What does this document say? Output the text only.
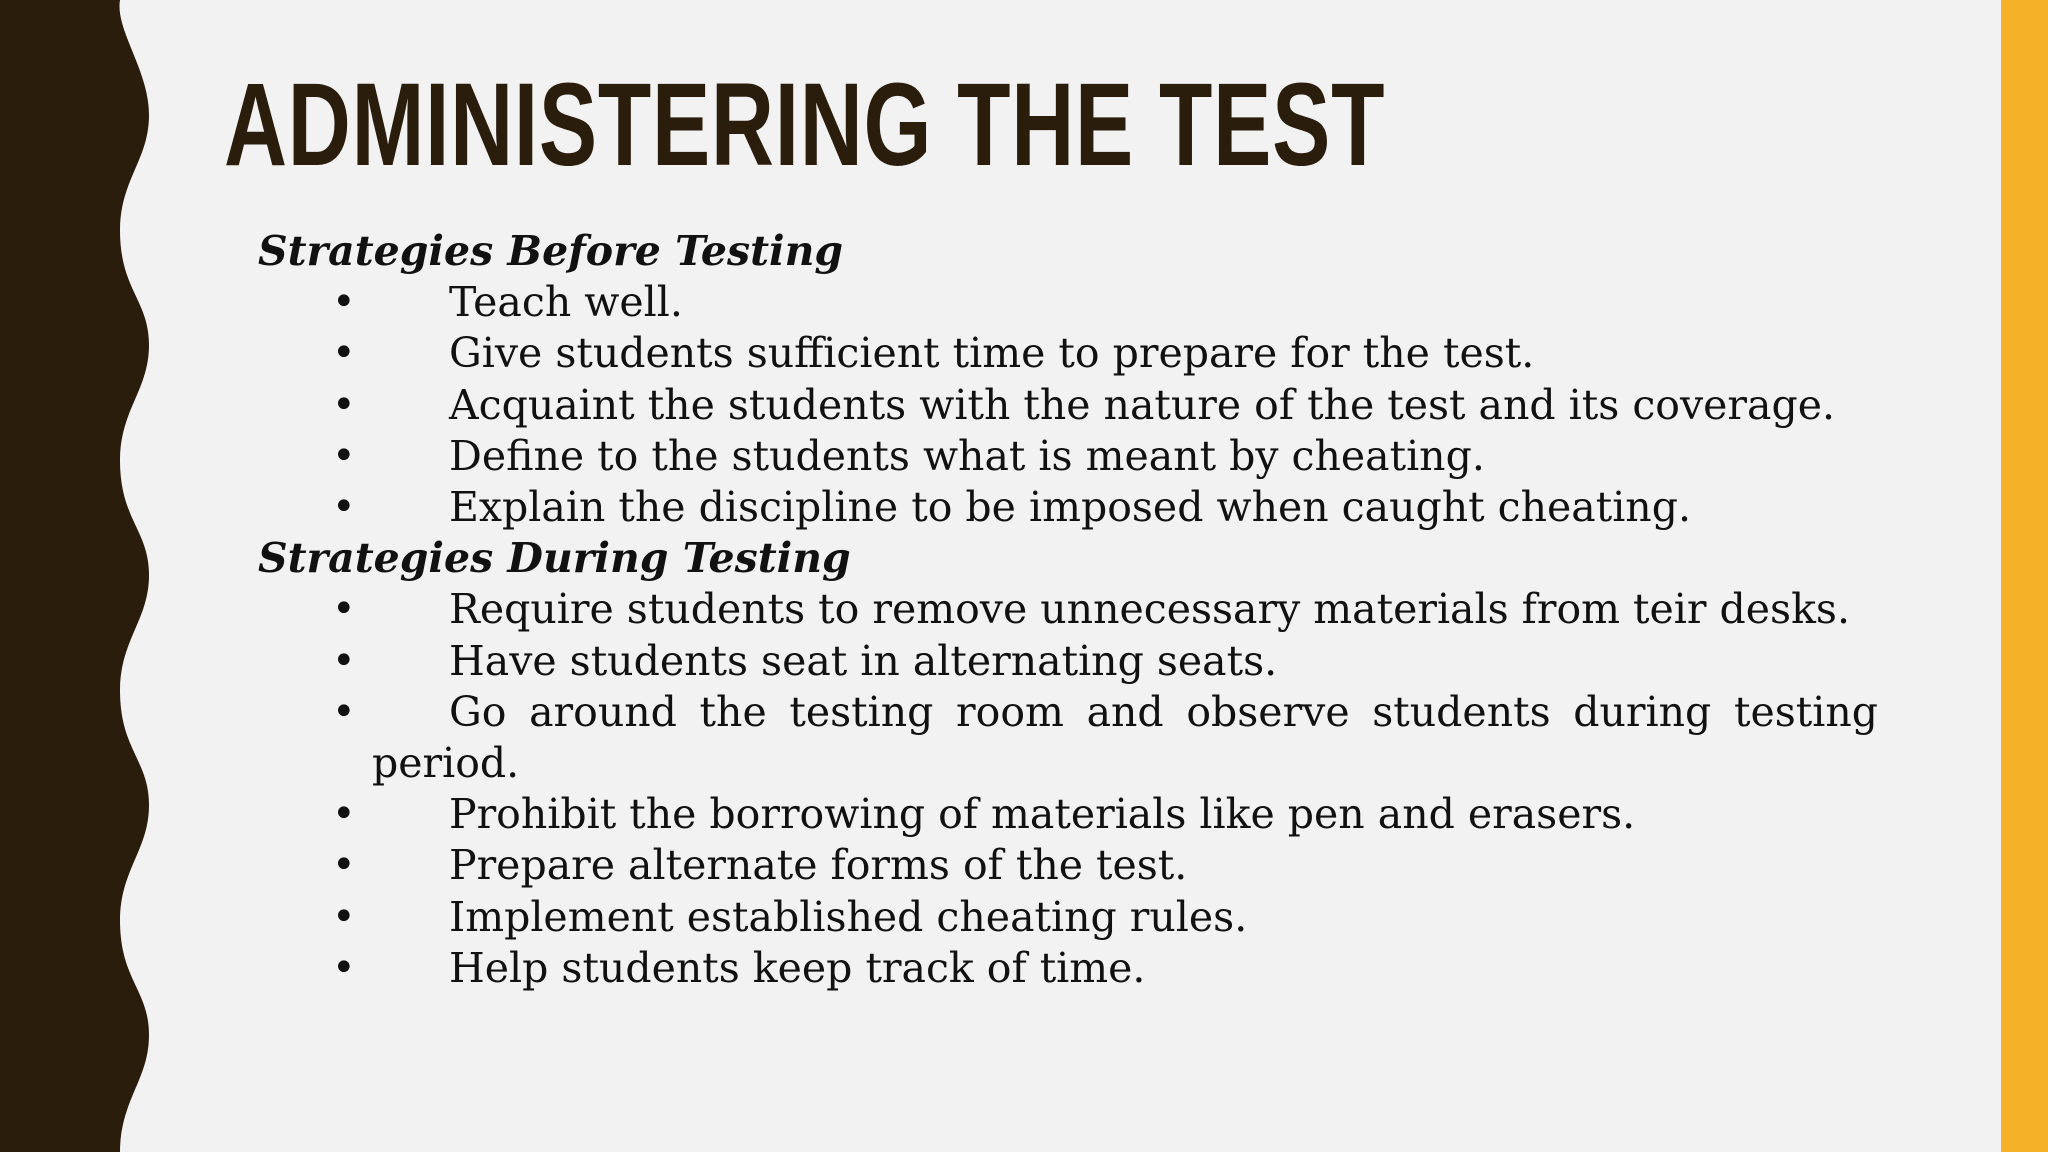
ADMINISTERING THE TEST
Strategies Before Testing
• Teach well.
• Give students sufficient time to prepare for the test.
• Acquaint the students with the nature of the test and its coverage.
• Define to the students what is meant by cheating.
• Explain the discipline to be imposed when caught cheating.
Strategies During Testing
• Require students to remove unnecessary materials from teir desks.
• Have students seat in alternating seats.
• Go around the testing room and observe students during testing period.
• Prohibit the borrowing of materials like pen and erasers.
• Prepare alternate forms of the test.
• Implement established cheating rules.
• Help students keep track of time.
